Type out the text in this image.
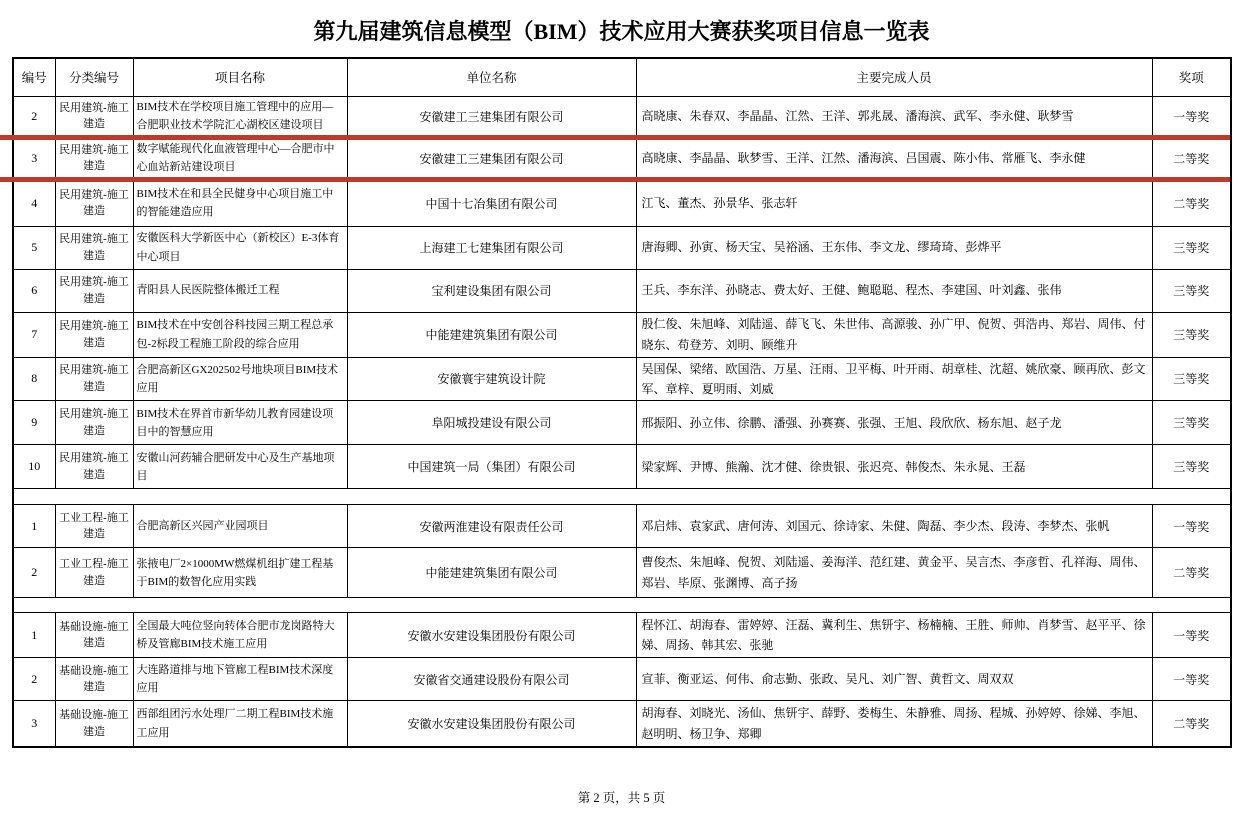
第九届建筑信息模型（BIM）技术应用大赛获奖项目信息一览表
编号	分类编号	项目名称	单位名称	主要完成人员	奖项
2	民用建筑-施工建造	BIM技术在学校项目施工管理中的应用—合肥职业技术学院汇心湖校区建设项目	安徽建工三建集团有限公司	高晓康、朱春双、李晶晶、江然、王洋、郭兆晟、潘海滨、武军、李永健、耿梦雪	一等奖
3	民用建筑-施工建造	数字赋能现代化血液管理中心—合肥市中心血站新站建设项目	安徽建工三建集团有限公司	高晓康、李晶晶、耿梦雪、王洋、江然、潘海滨、吕国震、陈小伟、常雁飞、李永健	二等奖
4	民用建筑-施工建造	BIM技术在和县全民健身中心项目施工中的智能建造应用	中国十七冶集团有限公司	江飞、董杰、孙景华、张志轩	二等奖
5	民用建筑-施工建造	安徽医科大学新医中心（新校区）E-3体育中心项目	上海建工七建集团有限公司	唐海卿、孙寅、杨天宝、吴裕涵、王东伟、李文龙、缪琦琦、彭烨平	三等奖
6	民用建筑-施工建造	青阳县人民医院整体搬迁工程	宝利建设集团有限公司	王兵、李东洋、孙晓志、费太好、王健、鲍聪聪、程杰、李建国、叶刘鑫、张伟	三等奖
7	民用建筑-施工建造	BIM技术在中安创谷科技园三期工程总承包-2标段工程施工阶段的综合应用	中能建建筑集团有限公司	殷仁俊、朱旭峰、刘陆遥、薛飞飞、朱世伟、高源骏、孙广甲、倪贺、弭浩冉、郑岩、周伟、付晓东、苟登芳、刘明、顾维升	三等奖
8	民用建筑-施工建造	合肥高新区GX202502号地块项目BIM技术应用	安徽寰宇建筑设计院	吴国保、梁绪、欧国浩、万星、汪雨、卫平梅、叶开雨、胡章桂、沈超、姚欣豪、顾再欣、彭文军、章梓、夏明雨、刘威	三等奖
9	民用建筑-施工建造	BIM技术在界首市新华幼儿教育园建设项目中的智慧应用	阜阳城投建设有限公司	邢振阳、孙立伟、徐鹏、潘强、孙赛赛、张强、王旭、段欣欣、杨东旭、赵子龙	三等奖
10	民用建筑-施工建造	安徽山河药辅合肥研发中心及生产基地项目	中国建筑一局（集团）有限公司	梁家辉、尹博、熊瀚、沈才健、徐贵银、张迟亮、韩俊杰、朱永晁、王磊	三等奖

1	工业工程-施工建造	合肥高新区兴园产业园项目	安徽两淮建设有限责任公司	邓启炜、袁家武、唐何涛、刘国元、徐诗家、朱健、陶磊、李少杰、段涛、李梦杰、张帆	一等奖
2	工业工程-施工建造	张掖电厂2×1000MW燃煤机组扩建工程基于BIM的数智化应用实践	中能建建筑集团有限公司	曹俊杰、朱旭峰、倪贺、刘陆遥、姜海洋、范红建、黄金平、吴言杰、李彦哲、孔祥海、周伟、郑岩、毕原、张渊博、高子扬	二等奖

1	基础设施-施工建造	全国最大吨位竖向转体合肥市龙岗路特大桥及管廊BIM技术施工应用	安徽水安建设集团股份有限公司	程怀江、胡海春、雷婷婷、汪磊、冀利生、焦钘宇、杨楠楠、王胜、师帅、肖梦雪、赵平平、徐娣、周扬、韩其宏、张驰	一等奖
2	基础设施-施工建造	大连路道排与地下管廊工程BIM技术深度应用	安徽省交通建设股份有限公司	宣菲、衡亚运、何伟、俞志勤、张政、吴凡、刘广智、黄哲文、周双双	一等奖
3	基础设施-施工建造	西部组团污水处理厂二期工程BIM技术施工应用	安徽水安建设集团股份有限公司	胡海春、刘晓光、汤仙、焦钘宇、薛野、娄梅生、朱静雅、周扬、程城、孙婷婷、徐娣、李旭、赵明明、杨卫争、郑卿	二等奖
第 2 页，共 5 页
